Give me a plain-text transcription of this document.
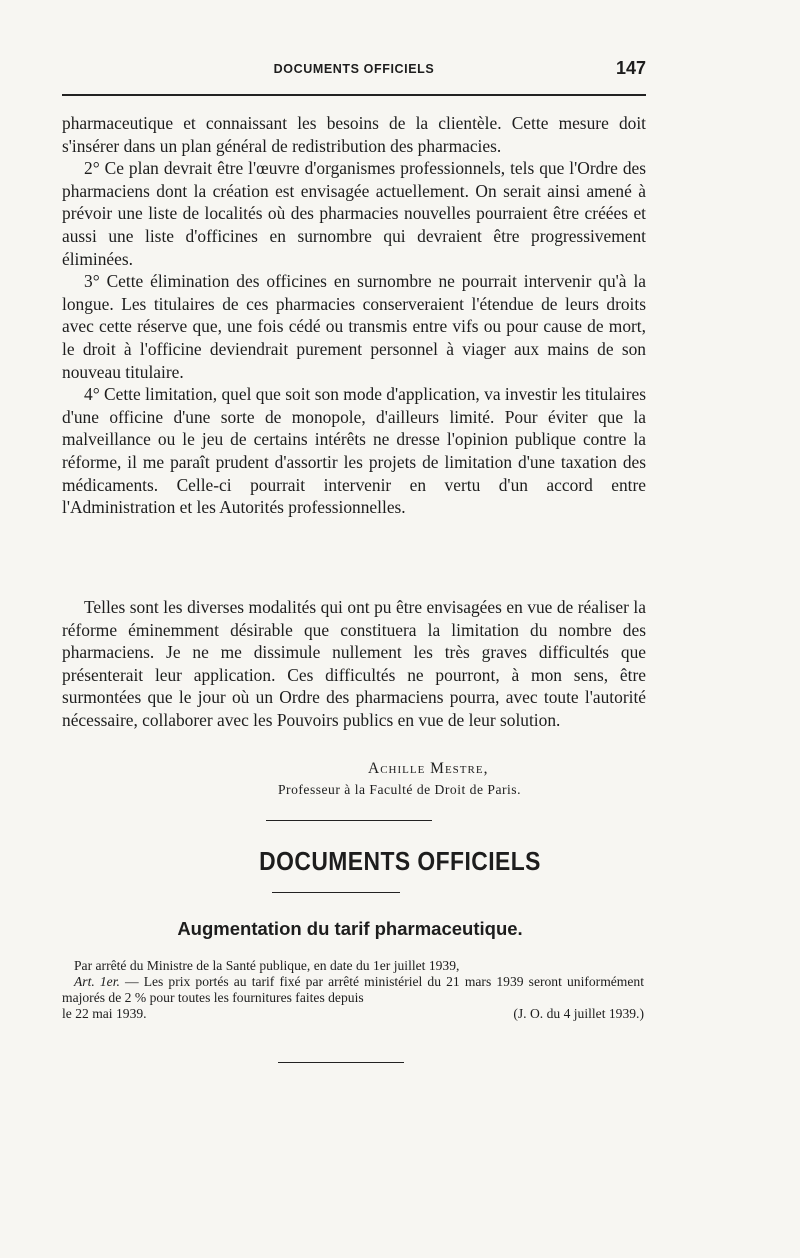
DOCUMENTS OFFICIELS	147

pharmaceutique et connaissant les besoins de la clientèle. Cette mesure doit s'insérer dans un plan général de redistribution des pharmacies.

2° Ce plan devrait être l'œuvre d'organismes professionnels, tels que l'Ordre des pharmaciens dont la création est envisagée actuellement. On serait ainsi amené à prévoir une liste de localités où des pharmacies nouvelles pourraient être créées et aussi une liste d'officines en surnombre qui devraient être progressivement éliminées.

3° Cette élimination des officines en surnombre ne pourrait intervenir qu'à la longue. Les titulaires de ces pharmacies conserveraient l'étendue de leurs droits avec cette réserve que, une fois cédé ou transmis entre vifs ou pour cause de mort, le droit à l'officine deviendrait purement personnel à viager aux mains de son nouveau titulaire.

4° Cette limitation, quel que soit son mode d'application, va investir les titulaires d'une officine d'une sorte de monopole, d'ailleurs limité. Pour éviter que la malveillance ou le jeu de certains intérêts ne dresse l'opinion publique contre la réforme, il me paraît prudent d'assortir les projets de limitation d'une taxation des médicaments. Celle-ci pourrait intervenir en vertu d'un accord entre l'Administration et les Autorités professionnelles.

Telles sont les diverses modalités qui ont pu être envisagées en vue de réaliser la réforme éminemment désirable que constituera la limitation du nombre des pharmaciens. Je ne me dissimule nullement les très graves difficultés que présenterait leur application. Ces difficultés ne pourront, à mon sens, être surmontées que le jour où un Ordre des pharmaciens pourra, avec toute l'autorité nécessaire, collaborer avec les Pouvoirs publics en vue de leur solution.

Achille Mestre,
Professeur à la Faculté de Droit de Paris.
DOCUMENTS OFFICIELS
Augmentation du tarif pharmaceutique.

Par arrêté du Ministre de la Santé publique, en date du 1er juillet 1939,

Art. 1er. — Les prix portés au tarif fixé par arrêté ministériel du 21 mars 1939 seront uniformément majorés de 2 % pour toutes les fournitures faites depuis

le 22 mai 1939.	(J. O. du 4 juillet 1939.)
